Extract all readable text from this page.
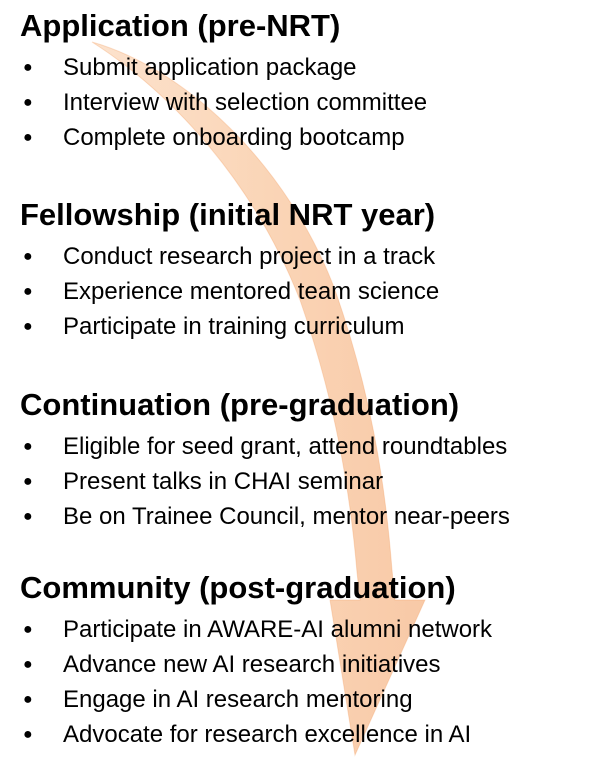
Application (pre-NRT)
●	Submit application package
●	Interview with selection committee
●	Complete onboarding bootcamp
Fellowship (initial NRT year)
●	Conduct research project in a track
●	Experience mentored team science
●	Participate in training curriculum
Continuation (pre-graduation)
●	Eligible for seed grant, attend roundtables
●	Present talks in CHAI seminar
●	Be on Trainee Council, mentor near-peers
Community (post-graduation)
●	Participate in AWARE-AI alumni network
●	Advance new AI research initiatives
●	Engage in AI research mentoring
●	Advocate for research excellence in AI
